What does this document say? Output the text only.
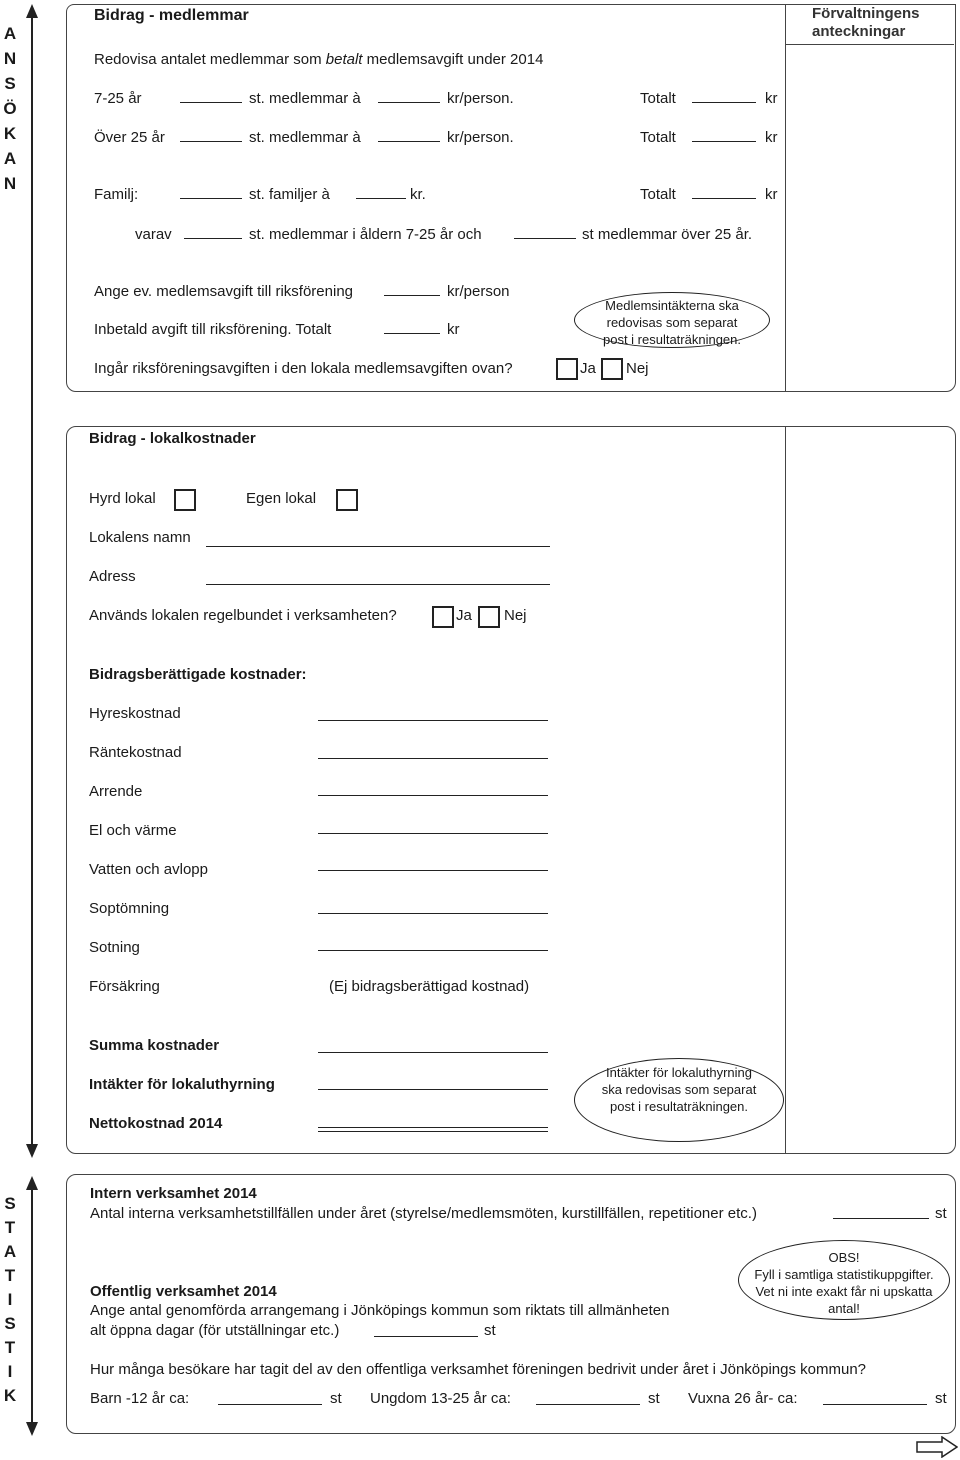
A
N
S
Ö
K
A
N
Förvaltningens
anteckningar
Bidrag - medlemmar
Redovisa antalet medlemmar som betalt medlemsavgift under 2014
7-25 år	st. medlemmar à	kr/person.	Totalt	kr
Över 25 år	st. medlemmar à	kr/person.	Totalt	kr
Familj:	st. familjer à	kr.	Totalt	kr
varav	st. medlemmar i åldern 7-25 år och	st medlemmar över 25 år.
Ange ev. medlemsavgift till riksförening	kr/person
Inbetald avgift till riksförening. Totalt	kr
Medlemsintäkterna ska
redovisas som separat
post i resultaträkningen.
Ingår riksföreningsavgiften i den lokala medlemsavgiften ovan?	Ja Nej
Bidrag - lokalkostnader
Hyrd lokal	Egen lokal
Lokalens namn
Adress
Används lokalen regelbundet i verksamheten?	Ja Nej
Bidragsberättigade kostnader:
Hyreskostnad
Räntekostnad
Arrende
El och värme
Vatten och avlopp
Soptömning
Sotning
Försäkring	(Ej bidragsberättigad kostnad)
Summa kostnader
Intäkter för lokaluthyrning
Nettokostnad 2014
Intäkter för lokaluthyrning
ska redovisas som separat
post i resultaträkningen.
S
T
A
T
I
S
T
I
K
Intern verksamhet 2014
Antal interna verksamhetstillfällen under året (styrelse/medlemsmöten, kurstillfällen, repetitioner etc.)	st
OBS!
Fyll i samtliga statistikuppgifter.
Vet ni inte exakt får ni upskatta
antal!
Offentlig verksamhet 2014
Ange antal genomförda arrangemang i Jönköpings kommun som riktats till allmänheten
alt öppna dagar (för utställningar etc.)	st
Hur många besökare har tagit del av den offentliga verksamhet föreningen bedrivit under året i Jönköpings kommun?
Barn -12 år ca:	st Ungdom 13-25 år ca:	st Vuxna 26 år- ca:	st
